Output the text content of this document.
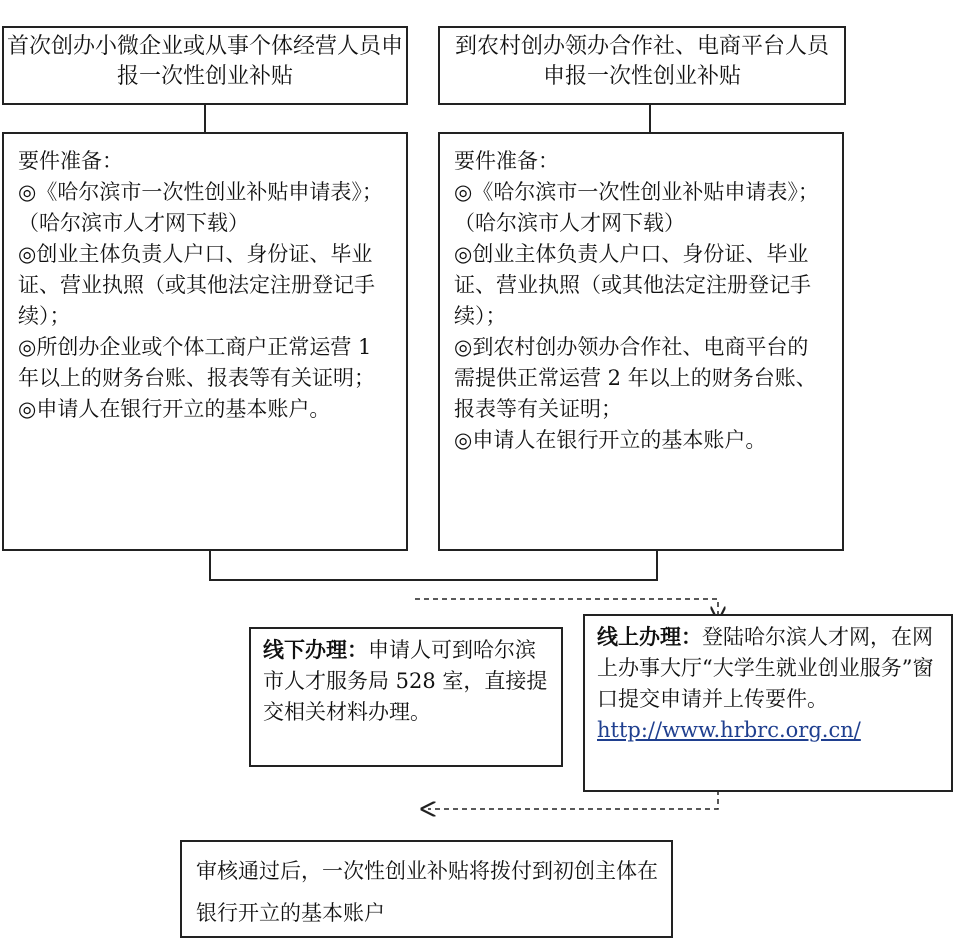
首次创办小微企业或从事个体经营人员申报一次性创业补贴
到农村创办领办合作社、电商平台人员申报一次性创业补贴

要件准备：

◎《哈尔滨市一次性创业补贴申请表》；（哈尔滨市人才网下载）

◎创业主体负责人户口、身份证、毕业证、营业执照（或其他法定注册登记手续）；

◎所创办企业或个体工商户正常运营 1 年以上的财务台账、报表等有关证明；

◎申请人在银行开立的基本账户。

要件准备：

◎《哈尔滨市一次性创业补贴申请表》；（哈尔滨市人才网下载）

◎创业主体负责人户口、身份证、毕业证、营业执照（或其他法定注册登记手续）；

◎到农村创办领办合作社、电商平台的需提供正常运营 2 年以上的财务台账、报表等有关证明；

◎申请人在银行开立的基本账户。

线下办理：申请人可到哈尔滨市人才服务局 528 室，直接提交相关材料办理。
线上办理：登陆哈尔滨人才网，在网上办事大厅“大学生就业创业服务”窗口提交申请并上传要件。 http://www.hrbrc.org.cn/
审核通过后，一次性创业补贴将拨付到初创主体在银行开立的基本账户
